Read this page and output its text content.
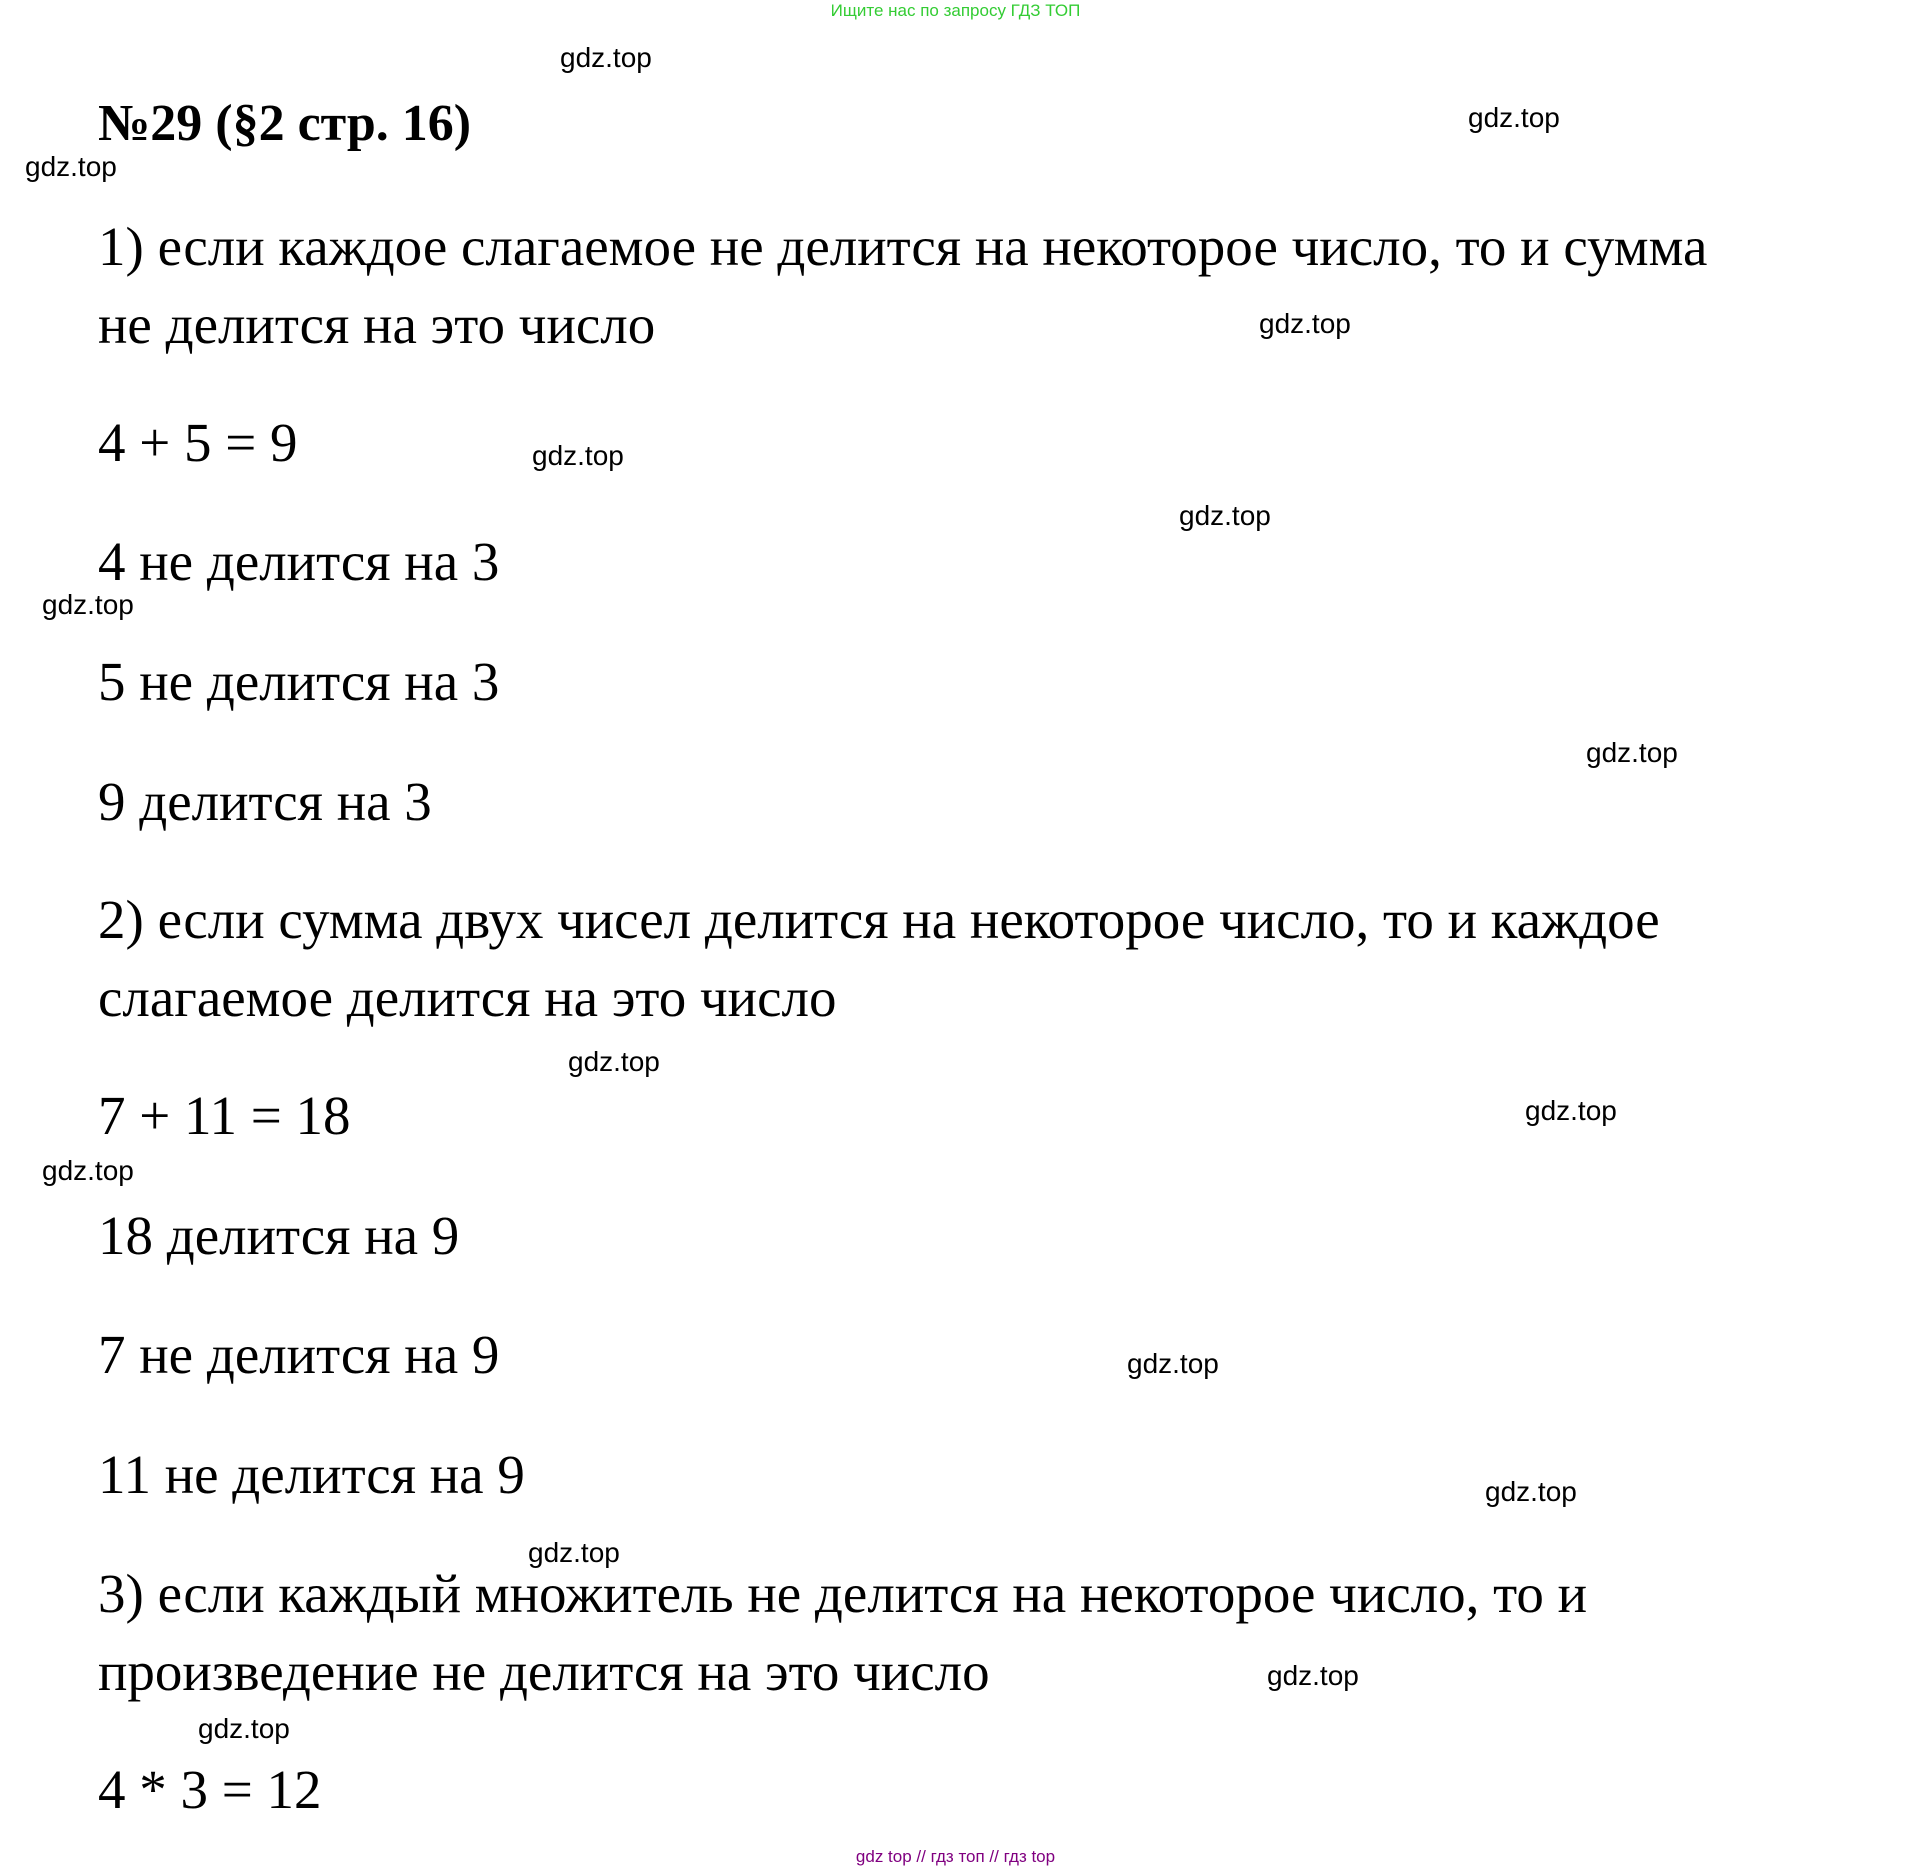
Ищите нас по запросу ГДЗ ТОП
№29 (§2 стр. 16)

1) если каждое слагаемое не делится на некоторое число, то и сумма

не делится на это число

4 + 5 = 9

4 не делится на 3

5 не делится на 3

9 делится на 3

2) если сумма двух чисел делится на некоторое число, то и каждое

слагаемое делится на это число

7 + 11 = 18

18 делится на 9

7 не делится на 9

11 не делится на 9

3) если каждый множитель не делится на некоторое число, то и

произведение не делится на это число

4 * 3 = 12

gdz.top
gdz.top
gdz.top
gdz.top
gdz.top
gdz.top
gdz.top
gdz.top
gdz.top
gdz.top
gdz.top
gdz.top
gdz.top
gdz.top
gdz.top
gdz.top
gdz top // гдз топ // гдз top
